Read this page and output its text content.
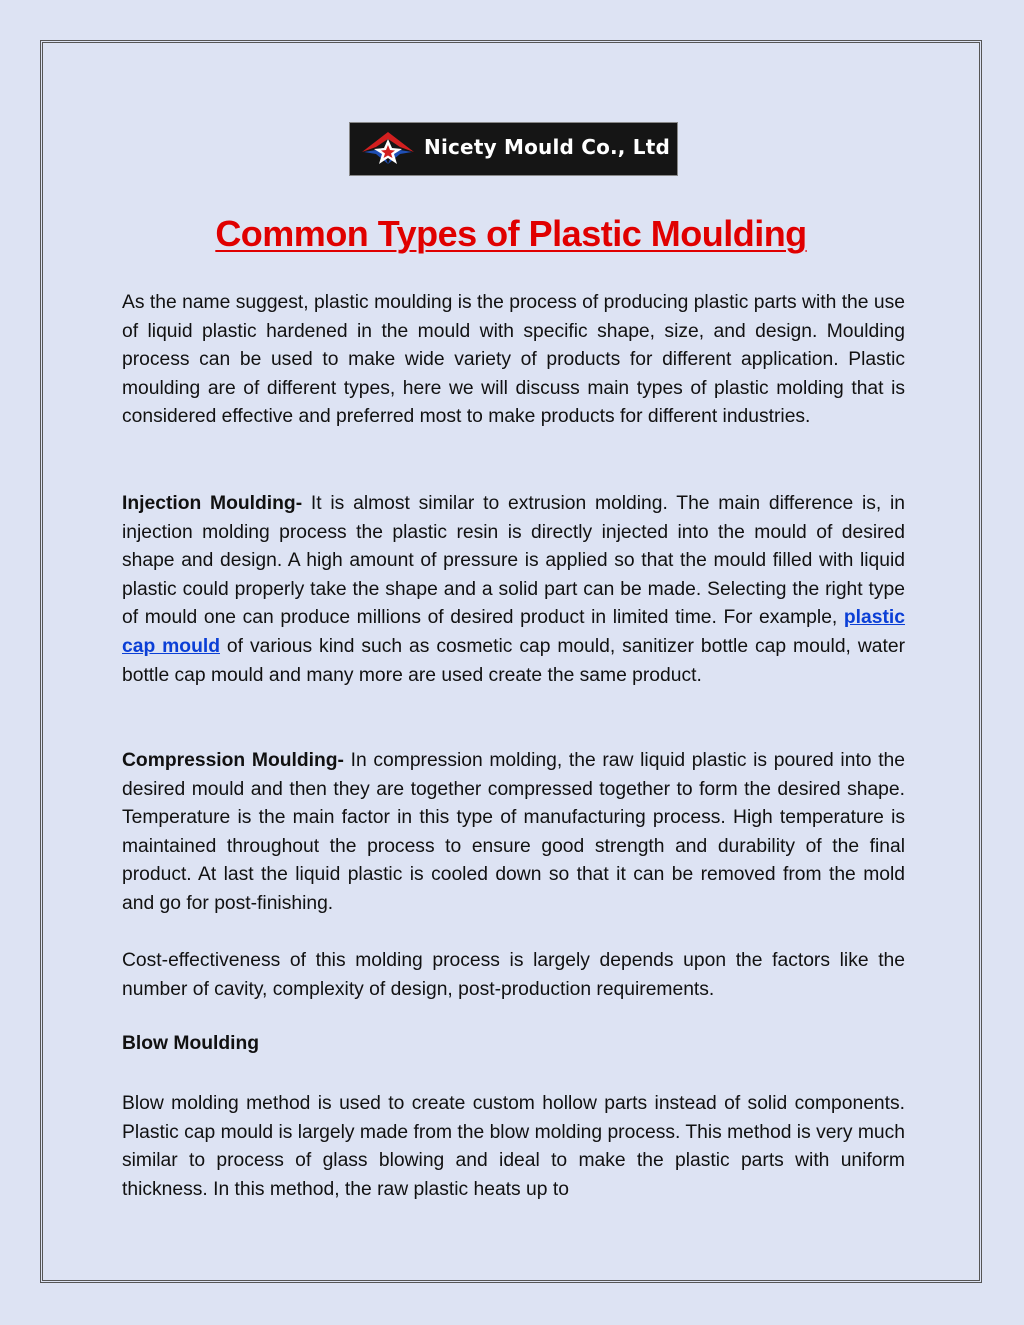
Nicety Mould Co., Ltd
Common Types of Plastic Moulding

As the name suggest, plastic moulding is the process of producing plastic parts with the use of liquid plastic hardened in the mould with specific shape, size, and design. Moulding process can be used to make wide variety of products for different application. Plastic moulding are of different types, here we will discuss main types of plastic molding that is considered effective and preferred most to make products for different industries.

Injection Moulding- It is almost similar to extrusion molding. The main difference is, in injection molding process the plastic resin is directly injected into the mould of desired shape and design. A high amount of pressure is applied so that the mould filled with liquid plastic could properly take the shape and a solid part can be made. Selecting the right type of mould one can produce millions of desired product in limited time. For example, plastic cap mould of various kind such as cosmetic cap mould, sanitizer bottle cap mould, water bottle cap mould and many more are used create the same product.

Compression Moulding- In compression molding, the raw liquid plastic is poured into the desired mould and then they are together compressed together to form the desired shape. Temperature is the main factor in this type of manufacturing process. High temperature is maintained throughout the process to ensure good strength and durability of the final product. At last the liquid plastic is cooled down so that it can be removed from the mold and go for post-finishing.

Cost-effectiveness of this molding process is largely depends upon the factors like the number of cavity, complexity of design, post-production requirements.

Blow Moulding

Blow molding method is used to create custom hollow parts instead of solid components. Plastic cap mould is largely made from the blow molding process. This method is very much similar to process of glass blowing and ideal to make the plastic parts with uniform thickness. In this method, the raw plastic heats up to
